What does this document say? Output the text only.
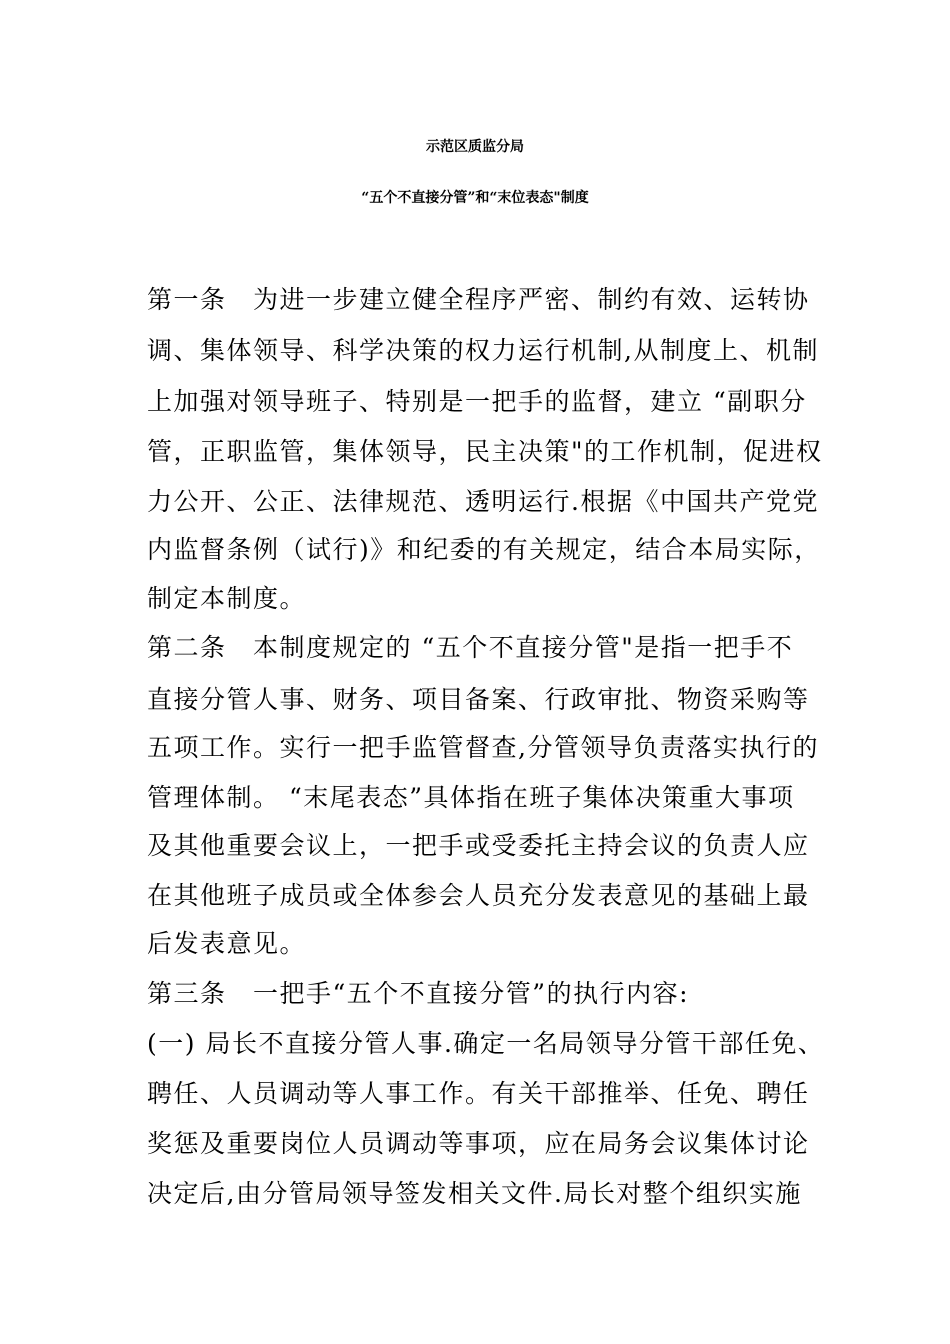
示范区质监分局
“五个不直接分管”和“末位表态"制度
第一条　为进一步建立健全程序严密、制约有效、运转协
调、集体领导、科学决策的权力运行机制,从制度上、机制
上加强对领导班子、特别是一把手的监督，建立 “副职分
管，正职监管，集体领导，民主决策"的工作机制，促进权
力公开、公正、法律规范、透明运行.根据《中国共产党党
内监督条例（试行)》和纪委的有关规定，结合本局实际，
制定本制度。
第二条　本制度规定的 “五个不直接分管"是指一把手不
直接分管人事、财务、项目备案、行政审批、物资采购等
五项工作。实行一把手监管督查,分管领导负责落实执行的
管理体制。 “末尾表态”具体指在班子集体决策重大事项
及其他重要会议上，一把手或受委托主持会议的负责人应
在其他班子成员或全体参会人员充分发表意见的基础上最
后发表意见。
第三条　一把手“五个不直接分管”的执行内容:
(一) 局长不直接分管人事.确定一名局领导分管干部任免、
聘任、人员调动等人事工作。有关干部推举、任免、聘任
奖惩及重要岗位人员调动等事项，应在局务会议集体讨论
决定后,由分管局领导签发相关文件.局长对整个组织实施
